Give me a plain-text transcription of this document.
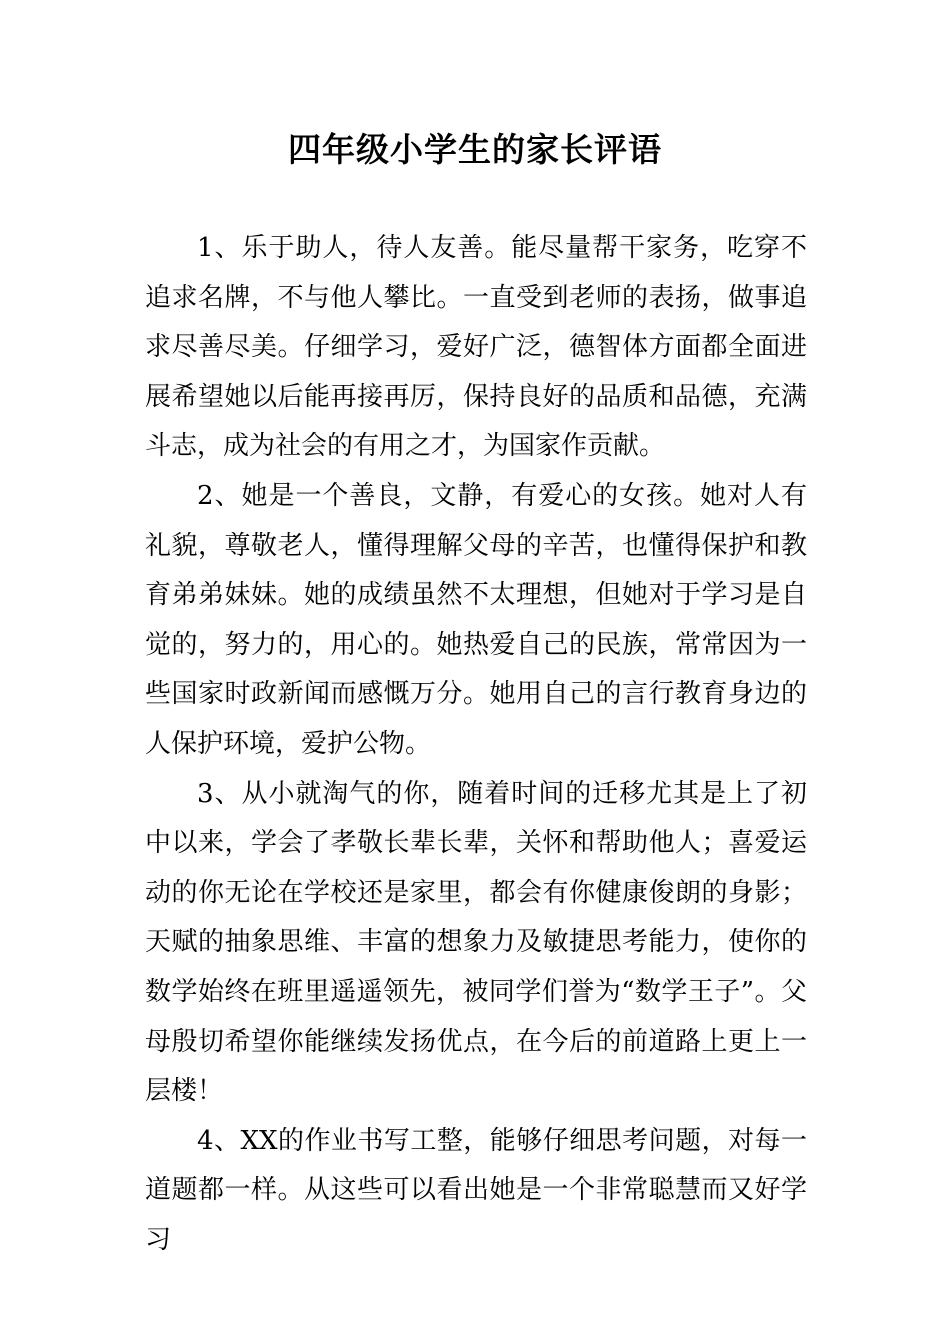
四年级小学生的家长评语

1、乐于助人，待人友善。能尽量帮干家务，吃穿不追求名牌，不与他人攀比。一直受到老师的表扬，做事追求尽善尽美。仔细学习，爱好广泛，德智体方面都全面进展希望她以后能再接再厉，保持良好的品质和品德，充满斗志，成为社会的有用之才，为国家作贡献。

2、她是一个善良，文静，有爱心的女孩。她对人有礼貌，尊敬老人，懂得理解父母的辛苦，也懂得保护和教育弟弟妹妹。她的成绩虽然不太理想，但她对于学习是自觉的，努力的，用心的。她热爱自己的民族，常常因为一些国家时政新闻而感慨万分。她用自己的言行教育身边的人保护环境，爱护公物。

3、从小就淘气的你，随着时间的迁移尤其是上了初中以来，学会了孝敬长辈长辈，关怀和帮助他人；喜爱运动的你无论在学校还是家里，都会有你健康俊朗的身影；天赋的抽象思维、丰富的想象力及敏捷思考能力，使你的数学始终在班里遥遥领先，被同学们誉为“数学王子”。父母殷切希望你能继续发扬优点，在今后的前道路上更上一层楼！

4、XX的作业书写工整，能够仔细思考问题，对每一道题都一样。从这些可以看出她是一个非常聪慧而又好学习
